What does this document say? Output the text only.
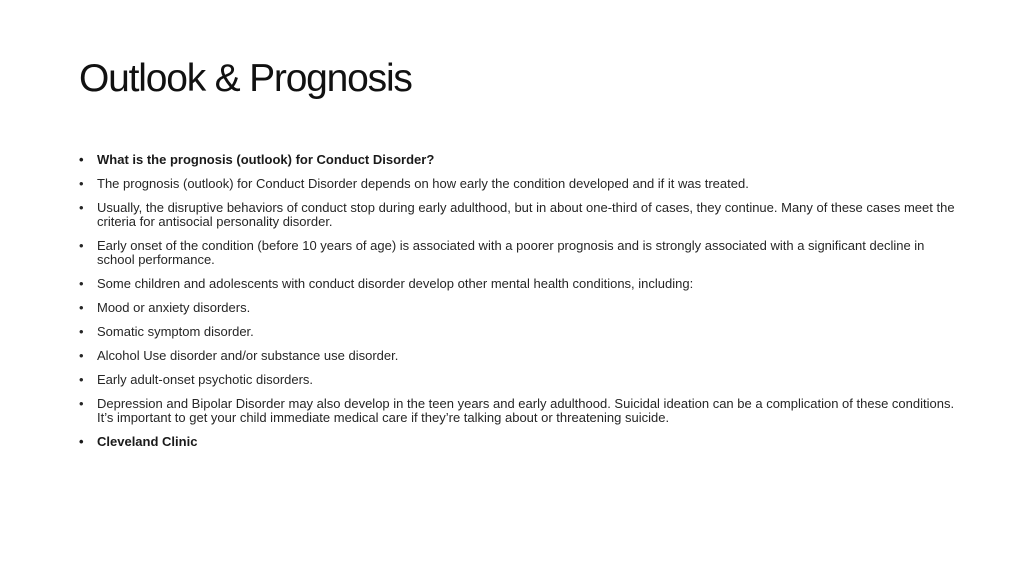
Outlook & Prognosis
• What is the prognosis (outlook) for Conduct Disorder?
• The prognosis (outlook) for Conduct Disorder depends on how early the condition developed and if it was treated.
• Usually, the disruptive behaviors of conduct stop during early adulthood, but in about one-third of cases, they continue. Many of these cases meet the criteria for antisocial personality disorder.
• Early onset of the condition (before 10 years of age) is associated with a poorer prognosis and is strongly associated with a significant decline in school performance.
• Some children and adolescents with conduct disorder develop other mental health conditions, including:
• Mood or anxiety disorders.
• Somatic symptom disorder.
• Alcohol Use disorder and/or substance use disorder.
• Early adult-onset psychotic disorders.
• Depression and Bipolar Disorder may also develop in the teen years and early adulthood. Suicidal ideation can be a complication of these conditions. It’s important to get your child immediate medical care if they’re talking about or threatening suicide.
• Cleveland Clinic
